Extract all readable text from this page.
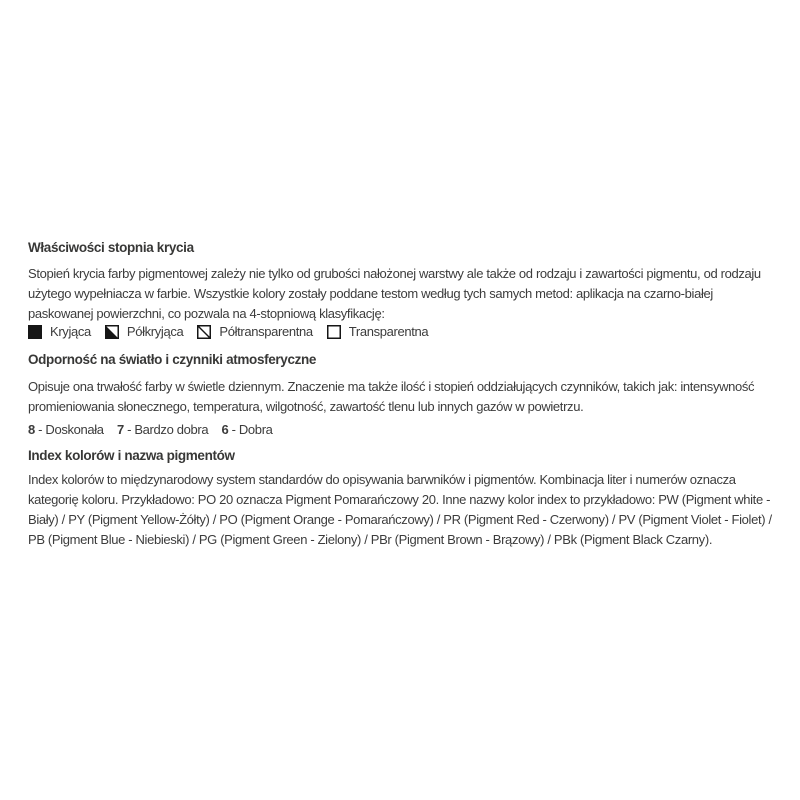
Właściwości stopnia krycia

Stopień krycia farby pigmentowej zależy nie tylko od grubości nałożonej warstwy ale także od rodzaju i zawartości pigmentu, od rodzaju użytego wypełniacza w farbie. Wszystkie kolory zostały poddane testom według tych samych metod: aplikacja na czarno-białej paskowanej powierzchni, co pozwala na 4-stopniową klasyfikację:

Kryjąca	Półkryjąca	Półtransparentna	Transparentna
Odporność na światło i czynniki atmosferyczne

Opisuje ona trwałość farby w świetle dziennym. Znaczenie ma także ilość i stopień oddziałujących czynników, takich jak: intensywność promieniowania słonecznego, temperatura, wilgotność, zawartość tlenu lub innych gazów w powietrzu.

8 - Doskonała 7 - Bardzo dobra 6 - Dobra
Index kolorów i nazwa pigmentów

Index kolorów to międzynarodowy system standardów do opisywania barwników i pigmentów. Kombinacja liter i numerów oznacza kategorię koloru. Przykładowo: PO 20 oznacza Pigment Pomarańczowy 20. Inne nazwy kolor index to przykładowo: PW (Pigment white - Biały) / PY (Pigment Yellow-Żółty) / PO (Pigment Orange - Pomarańczowy) / PR (Pigment Red - Czerwony) / PV (Pigment Violet - Fiolet) / PB (Pigment Blue - Niebieski) / PG (Pigment Green - Zielony) / PBr (Pigment Brown - Brązowy) / PBk (Pigment Black Czarny).
